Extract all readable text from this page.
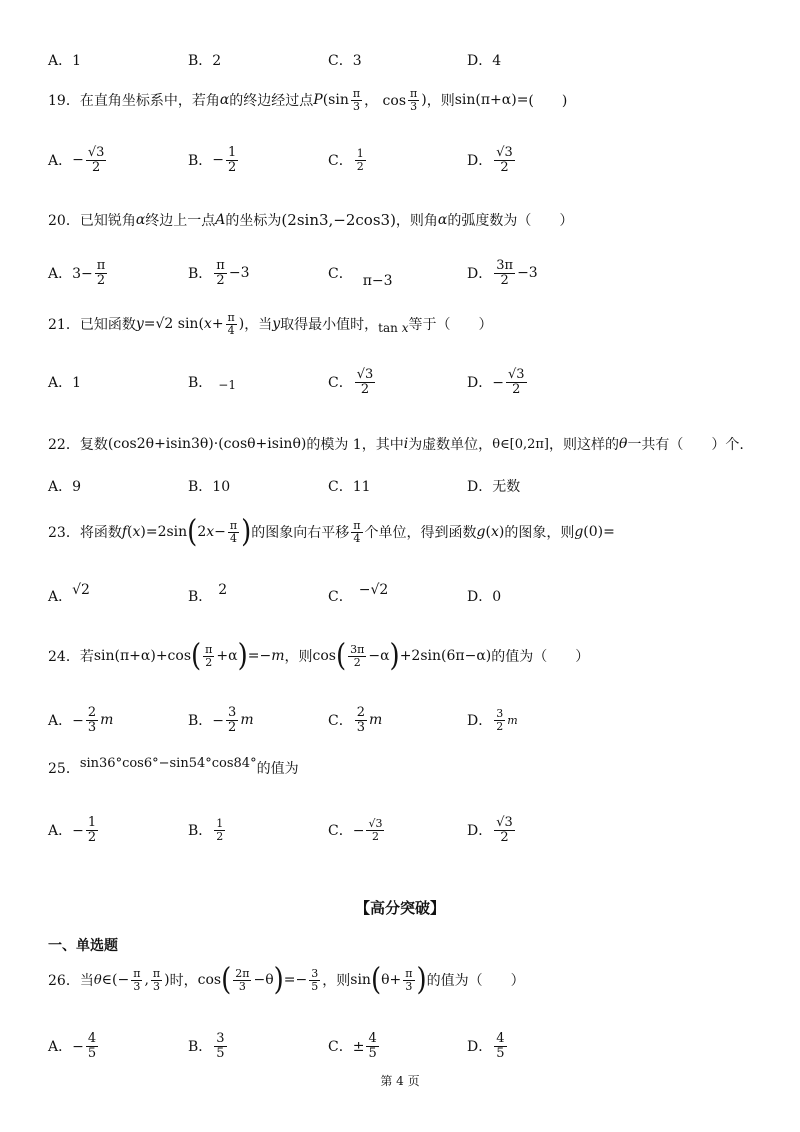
A．1	B．2	C．3	D．4
19．在直角坐标系中，若角 α 的终边经过点 P ($\sin \frac{\pi}{3}$ ， $\cos \frac{\pi}{3}$ ) ，则 sin(π+α)= (　　)
A． − $\frac{√3}{2}$	B． − $\frac{1}{2}$	C． $\frac{1}{2}$	D． $\frac{√3}{2}$
20．已知锐角 α 终边上一点 A 的坐标为 (2sin3,−2cos3) ，则角 α 的弧度数为（　　）
A．$3- \frac{\pi}{2}$	B． $\frac{\pi}{2} -3$	C． π−3	D． $\frac{3\pi}{2} -3$
21．已知函数 y =√2 sin( $x + \frac{\pi}{4}$ ) ，当 y 取得最小值时， tan x 等于（　　）
A．1	B． −1	C． $\frac{√3}{2}$	D．− $\frac{√3}{2}$
22．复数 (cos2θ+isin3θ)·(cosθ+isinθ) 的模为 1，其中 i 为虚数单位， θ∈[0,2π] ，则这样的 θ 一共有（　　）个.
A．9	B．10	C．11	D．无数
23．将函数 f ( x )=2sin ( 2 $x - \frac{\pi}{4}$ ) 的图象向右平移 $\frac{\pi}{4}$ 个单位，得到函数 g ( x ) 的图象，则 g (0)=
A． √2	B． 2	C． −√2	D．0
24．若 sin(π+α)+cos ( $\frac{\pi}{2} +\alpha$ ) =− m ，则 cos ( $\frac{3\pi}{2} -\alpha$ ) +2sin(6π−α) 的值为（　　）
A．− $\frac{2}{3}$ m	B．− $\frac{3}{2}$ m	C． $\frac{2}{3}$ m	D． $\frac{3}{2}$ m
25． sin36°cos6°−sin54°cos84° 的值为
A．− $\frac{1}{2}$	B． $\frac{1}{2}$	C．− $\frac{√3}{2}$	D． $\frac{√3}{2}$
【高分突破】
一、单选题
26．当 θ ∈(− $\frac{\pi}{3}$ , $\frac{\pi}{3}$ ) 时， cos ( $\frac{2\pi}{3} -\theta$ ) =− $\frac{3}{5}$ ，则 sin ( $\theta+ \frac{\pi}{3}$ ) 的值为（　　）
A．− $\frac{4}{5}$	B． $\frac{3}{5}$	C．± $\frac{4}{5}$	D． $\frac{4}{5}$
第 4 页
